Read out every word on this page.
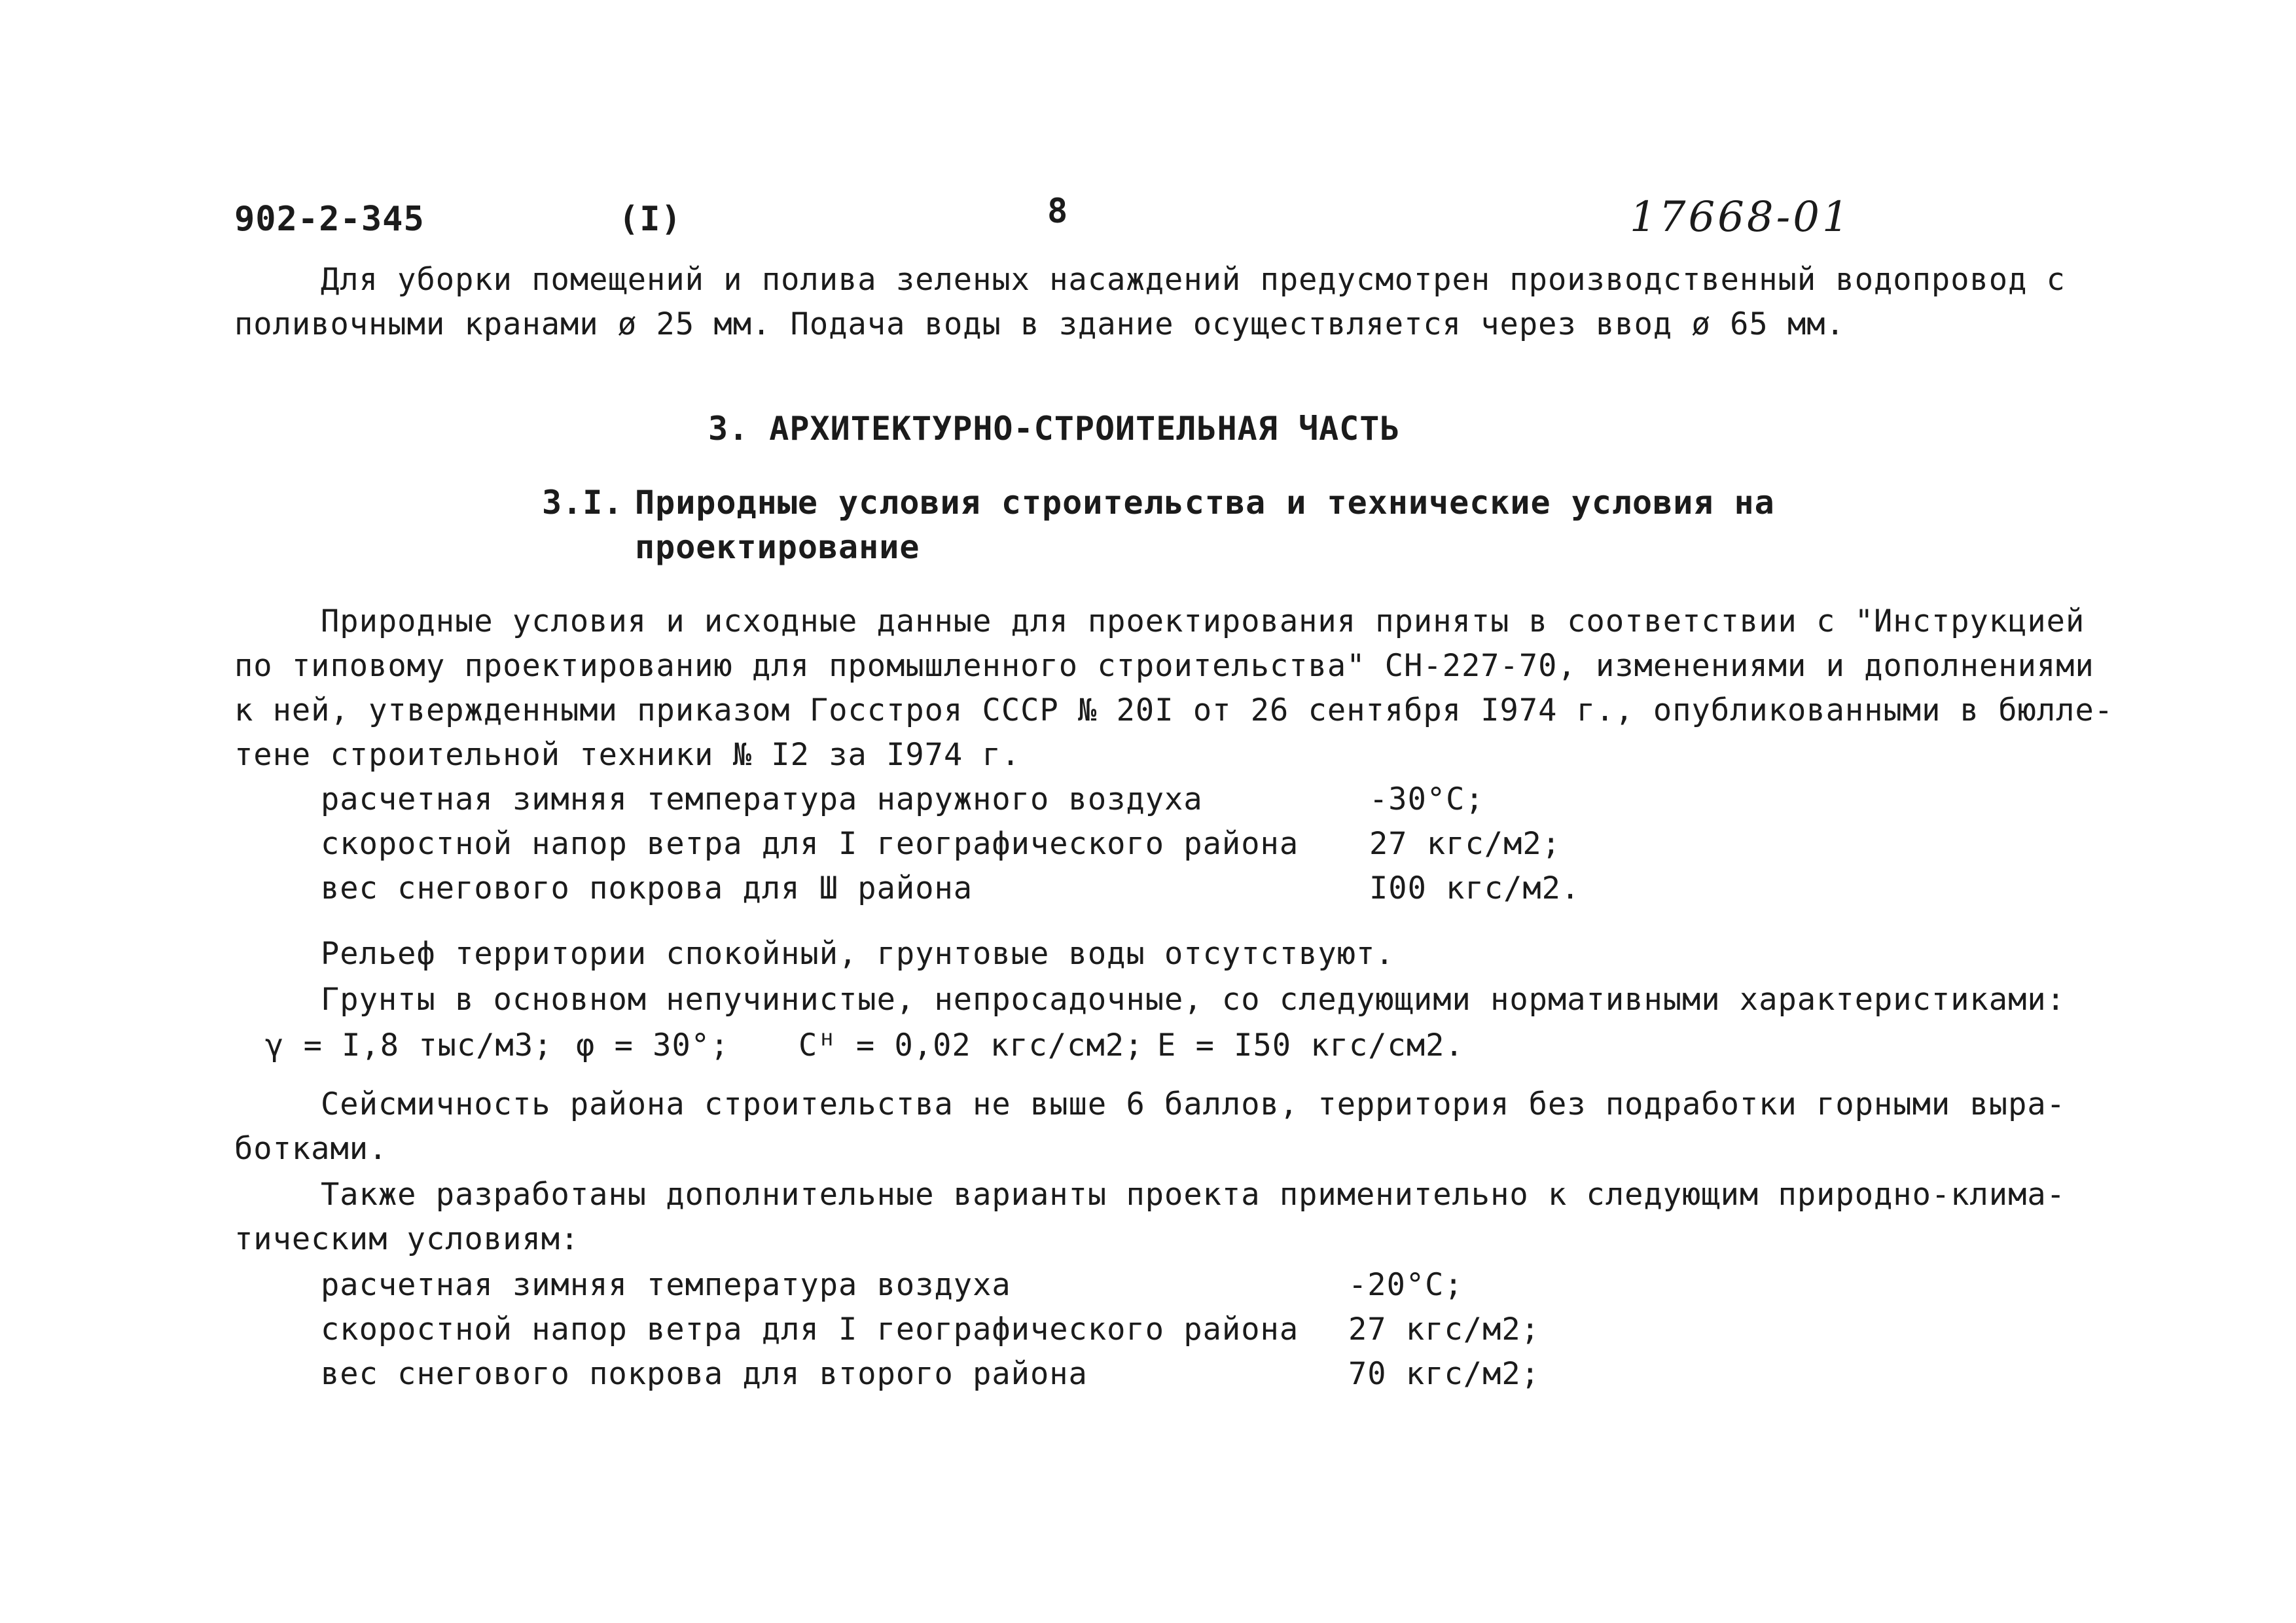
902-2-345	(I)	8	17668-01
Для уборки помещений и полива зеленых насаждений предусмотрен производственный водопровод с
поливочными кранами ø 25 мм. Подача воды в здание осуществляется через ввод ø 65 мм.
3. АРХИТЕКТУРНО-СТРОИТЕЛЬНАЯ ЧАСТЬ
3.I. Природные условия строительства и технические условия на
проектирование
Природные условия и исходные данные для проектирования приняты в соответствии с "Инструкцией
по типовому проектированию для промышленного строительства" СН-227-70, изменениями и дополнениями
к ней, утвержденными приказом Госстроя СССР № 20I от 26 сентября I974 г., опубликованными в бюлле-
тене строительной техники № I2 за I974 г.
расчетная зимняя температура наружного воздуха	-30°С;
скоростной напор ветра для I географического района 27 кгс/м2;
вес снегового покрова для Ш района	I00 кгс/м2.
Рельеф территории спокойный, грунтовые воды отсутствуют.
Грунты в основном непучинистые, непросадочные, со следующими нормативными характеристиками:
γ = I,8 тыс/м3; φ = 30°; Сᴴ = 0,02 кгс/см2; Е = I50 кгс/см2.
Сейсмичность района строительства не выше 6 баллов, территория без подработки горными выра-
ботками.
Также разработаны дополнительные варианты проекта применительно к следующим природно-клима-
тическим условиям:
расчетная зимняя температура воздуха	-20°С;
скоростной напор ветра для I географического района 27 кгс/м2;
вес снегового покрова для второго района	70 кгс/м2;
